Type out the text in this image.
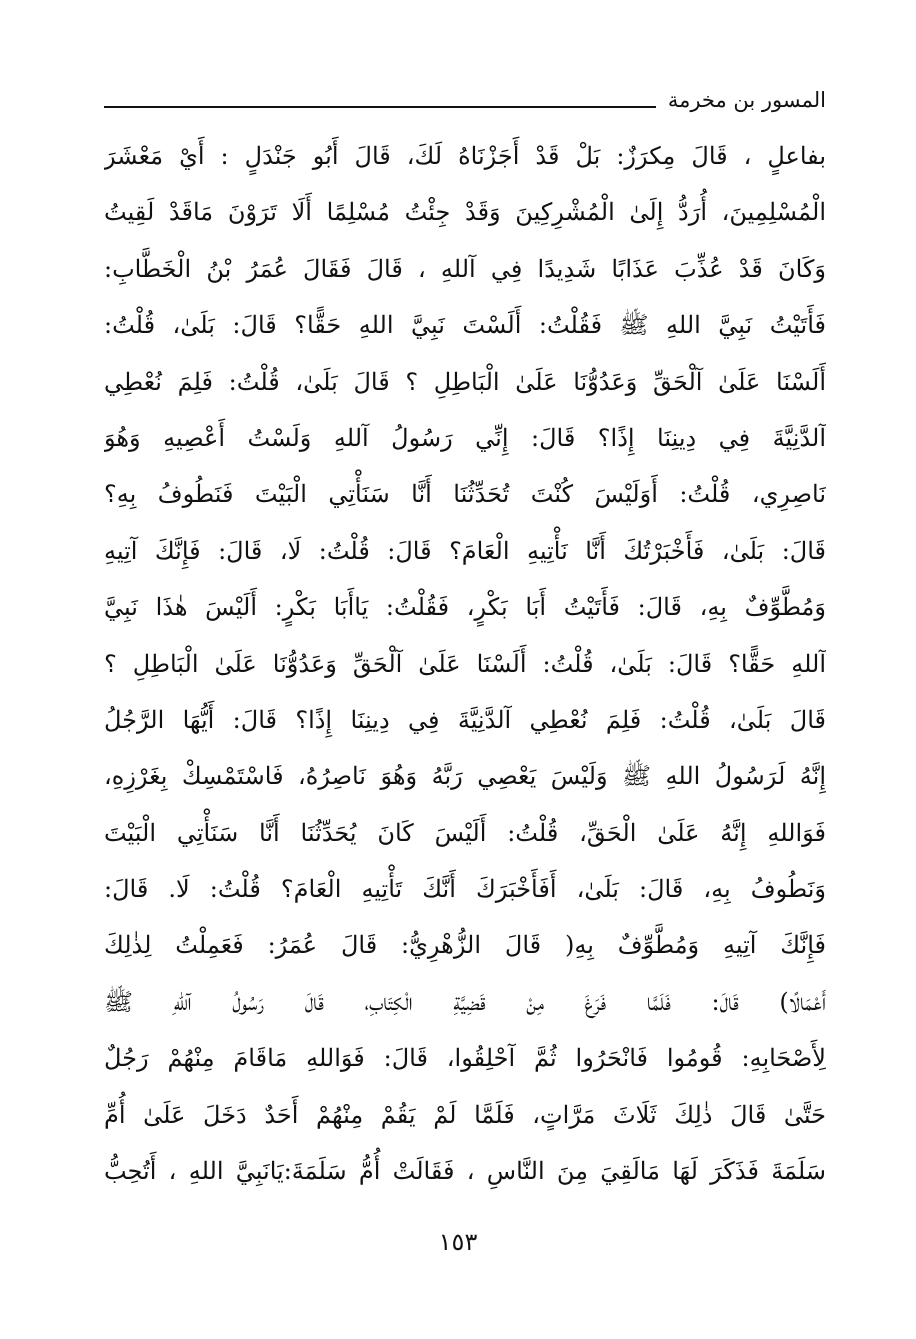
المسور بن مخرمة
بفاعلٍ ، قَالَ مِكرَزٌ: بَلْ قَدْ أَجَزْنَاهُ لَكَ، قَالَ أَبُو جَنْدَلٍ : أَيْ مَعْشَرَ
الْمُسْلِمِينَ، أُرَدُّ إِلَىٰ الْمُشْرِكِينَ وَقَدْ جِئْتُ مُسْلِمًا أَلَا تَرَوْنَ مَاقَدْ لَقِيتُ
وَكَانَ قَدْ عُذِّبَ عَذَابًا شَدِيدًا فِي آللهِ ، قَالَ فَقَالَ عُمَرُ بْنُ الْخَطَّابِ:
فَأَتَيْتُ نَبِيَّ اللهِ ﷺ فَقُلْتُ: أَلَسْتَ نَبِيَّ اللهِ حَقًّا؟ قَالَ: بَلَىٰ، قُلْتُ:
أَلَسْنَا عَلَىٰ آلْحَقِّ وَعَدُوُّنَا عَلَىٰ الْبَاطِلِ ؟ قَالَ بَلَىٰ، قُلْتُ: فَلِمَ نُعْطِي
آلدَّنِيَّةَ فِي دِينِنَا إِذًا؟ قَالَ: إِنِّي رَسُولُ آللهِ وَلَسْتُ أَعْصِيهِ وَهُوَ
نَاصِرِي، قُلْتُ: أَوَلَيْسَ كُنْتَ تُحَدِّثُنَا أَنَّا سَنَأْتِي الْبَيْتَ فَنَطُوفُ بِهِ؟
قَالَ: بَلَىٰ، فَأَخْبَرْتُكَ أَنَّا نَأْتِيهِ الْعَامَ؟ قَالَ: قُلْتُ: لَا، قَالَ: فَإِنَّكَ آتِيهِ
وَمُطَّوِّفٌ بِهِ، قَالَ: فَأَتَيْتُ أَبَا بَكْرٍ، فَقُلْتُ: يَاأَبَا بَكْرٍ: أَلَيْسَ هٰذَا نَبِيَّ
آللهِ حَقًّا؟ قَالَ: بَلَىٰ، قُلْتُ: أَلَسْنَا عَلَىٰ آلْحَقِّ وَعَدُوُّنَا عَلَىٰ الْبَاطِلِ ؟
قَالَ بَلَىٰ، قُلْتُ: فَلِمَ نُعْطِي آلدَّنِيَّةَ فِي دِينِنَا إِذًا؟ قَالَ: أَيُّهَا الرَّجُلُ
إِنَّهُ لَرَسُولُ اللهِ ﷺ وَلَيْسَ يَعْصِي رَبَّهُ وَهُوَ نَاصِرُهُ، فَاسْتَمْسِكْ بِغَرْزِهِ،
فَوَاللهِ إِنَّهُ عَلَىٰ الْحَقِّ، قُلْتُ: أَلَيْسَ كَانَ يُحَدِّثُنَا أَنَّا سَنَأْتِي الْبَيْتَ
وَنَطُوفُ بِهِ، قَالَ: بَلَىٰ، أَفَأَخْبَرَكَ أَنَّكَ تَأْتِيهِ الْعَامَ؟ قُلْتُ: لَا. قَالَ:
فَإِنَّكَ آتِيهِ وَمُطَّوِّفٌ بِهِ( قَالَ الزُّهْرِيُّ: قَالَ عُمَرُ: فَعَمِلْتُ لِذٰلِكَ
أَعْمَالًا) قَالَ: فَلَمَّا فَرَغَ مِنْ قَضِيَّةِ الْكِتَابِ، قَالَ رَسُولُ آللهِ ﷺ
لِأَصْحَابِهِ: قُومُوا فَانْحَرُوا ثُمَّ آحْلِقُوا، قَالَ: فَوَاللهِ مَاقَامَ مِنْهُمْ رَجُلٌ
حَتَّىٰ قَالَ ذٰلِكَ ثَلَاثَ مَرَّاتٍ، فَلَمَّا لَمْ يَقُمْ مِنْهُمْ أَحَدٌ دَخَلَ عَلَىٰ أُمِّ
سَلَمَةَ فَذَكَرَ لَهَا مَالَقِيَ مِنَ النَّاسِ ، فَقَالَتْ أُمُّ سَلَمَةَ:يَانَبِيَّ اللهِ ، أَتُحِبُّ
١٥٣
